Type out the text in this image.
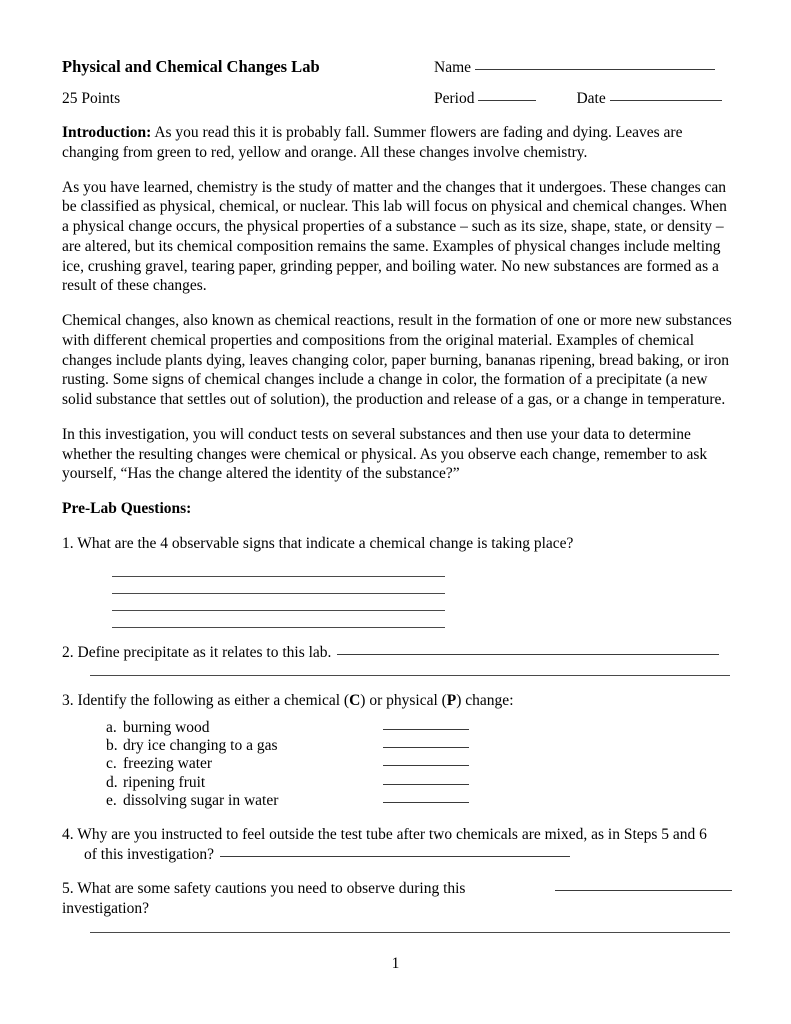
Physical and Chemical Changes Lab	Name
25 Points	Period	Date

Introduction: As you read this it is probably fall. Summer flowers are fading and dying. Leaves are changing from green to red, yellow and orange. All these changes involve chemistry.

As you have learned, chemistry is the study of matter and the changes that it undergoes. These changes can be classified as physical, chemical, or nuclear. This lab will focus on physical and chemical changes. When a physical change occurs, the physical properties of a substance – such as its size, shape, state, or density – are altered, but its chemical composition remains the same. Examples of physical changes include melting ice, crushing gravel, tearing paper, grinding pepper, and boiling water. No new substances are formed as a result of these changes.

Chemical changes, also known as chemical reactions, result in the formation of one or more new substances with different chemical properties and compositions from the original material. Examples of chemical changes include plants dying, leaves changing color, paper burning, bananas ripening, bread baking, or iron rusting. Some signs of chemical changes include a change in color, the formation of a precipitate (a new solid substance that settles out of solution), the production and release of a gas, or a change in temperature.

In this investigation, you will conduct tests on several substances and then use your data to determine whether the resulting changes were chemical or physical. As you observe each change, remember to ask yourself, “Has the change altered the identity of the substance?”

Pre-Lab Questions:

1. What are the 4 observable signs that indicate a chemical change is taking place?

2. Define precipitate as it relates to this lab.

3. Identify the following as either a chemical (C) or physical (P) change:

a. burning wood
b. dry ice changing to a gas
c. freezing water
d. ripening fruit
e. dissolving sugar in water

4. Why are you instructed to feel outside the test tube after two chemicals are mixed, as in Steps 5 and 6

of this investigation?
5. What are some safety cautions you need to observe during this investigation?
1
